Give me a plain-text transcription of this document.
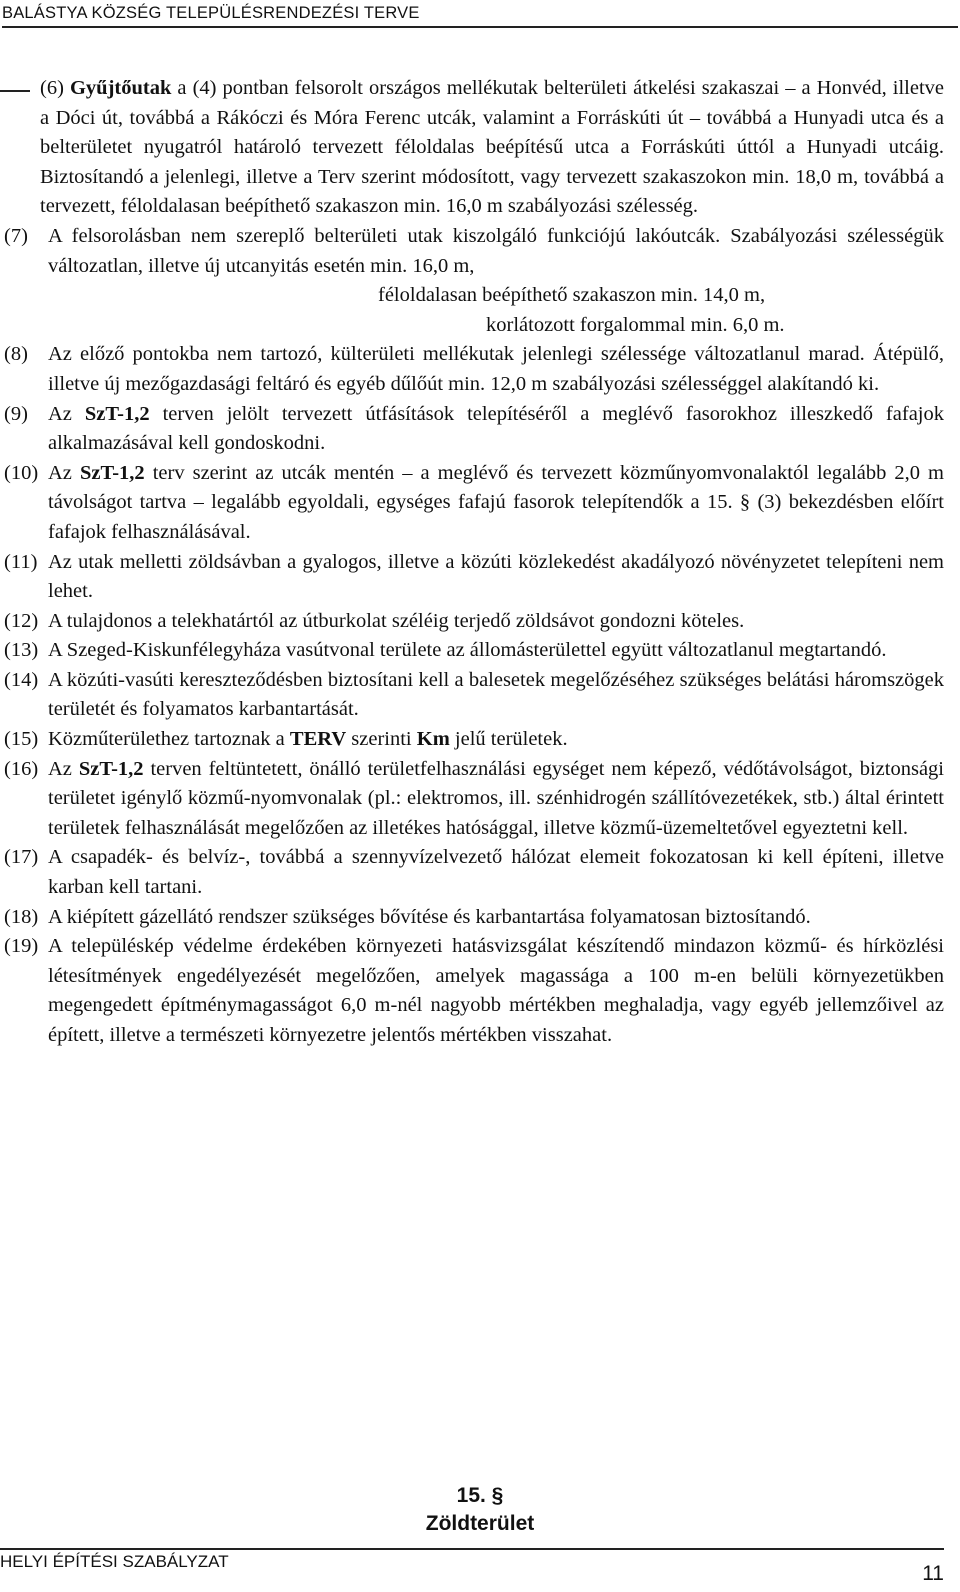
BALÁSTYA KÖZSÉG TELEPÜLÉSRENDEZÉSI TERVE
(6) Gyűjtőutak a (4) pontban felsorolt országos mellékutak belterületi átkelési szakaszai – a Honvéd, illetve a Dóci út, továbbá a Rákóczi és Móra Ferenc utcák, valamint a Forráskúti út – továbbá a Hunyadi utca és a belterületet nyugatról határoló tervezett féloldalas beépítésű utca a Forráskúti úttól a Hunyadi utcáig. Biztosítandó a jelenlegi, illetve a Terv szerint módosított, vagy tervezett szakaszokon min. 18,0 m, továbbá a tervezett, féloldalasan beépíthető szakaszon min. 16,0 m szabályozási szélesség.
(7) A felsorolásban nem szereplő belterületi utak kiszolgáló funkciójú lakóutcák. Szabályozási szélességük változatlan, illetve új utcanyitás esetén min. 16,0 m,
féloldalasan beépíthető szakaszon min. 14,0 m,
korlátozott forgalommal min. 6,0 m.
(8) Az előző pontokba nem tartozó, külterületi mellékutak jelenlegi szélessége változatlanul marad. Átépülő, illetve új mezőgazdasági feltáró és egyéb dűlőút min. 12,0 m szabályozási szélességgel alakítandó ki.
(9) Az SzT-1,2 terven jelölt tervezett útfásítások telepítéséről a meglévő fasorokhoz illeszkedő fafajok alkalmazásával kell gondoskodni.
(10) Az SzT-1,2 terv szerint az utcák mentén – a meglévő és tervezett közműnyomvonalaktól legalább 2,0 m távolságot tartva – legalább egyoldali, egységes fafajú fasorok telepítendők a 15. § (3) bekezdésben előírt fafajok felhasználásával.
(11) Az utak melletti zöldsávban a gyalogos, illetve a közúti közlekedést akadályozó növényzetet telepíteni nem lehet.
(12) A tulajdonos a telekhatártól az útburkolat széléig terjedő zöldsávot gondozni köteles.
(13) A Szeged-Kiskunfélegyháza vasútvonal területe az állomásterülettel együtt változatlanul megtartandó.
(14) A közúti-vasúti kereszteződésben biztosítani kell a balesetek megelőzéséhez szükséges belátási háromszögek területét és folyamatos karbantartását.
(15) Közműterülethez tartoznak a TERV szerinti Km jelű területek.
(16) Az SzT-1,2 terven feltüntetett, önálló területfelhasználási egységet nem képező, védőtávolságot, biztonsági területet igénylő közmű-nyomvonalak (pl.: elektromos, ill. szénhidrogén szállítóvezetékek, stb.) által érintett területek felhasználását megelőzően az illetékes hatósággal, illetve közmű-üzemeltetővel egyeztetni kell.
(17) A csapadék- és belvíz-, továbbá a szennyvízelvezető hálózat elemeit fokozatosan ki kell építeni, illetve karban kell tartani.
(18) A kiépített gázellátó rendszer szükséges bővítése és karbantartása folyamatosan biztosítandó.
(19) A településkép védelme érdekében környezeti hatásvizsgálat készítendő mindazon közmű- és hírközlési létesítmények engedélyezését megelőzően, amelyek magassága a 100 m-en belüli környezetükben megengedett építménymagasságot 6,0 m-nél nagyobb mértékben meghaladja, vagy egyéb jellemzőivel az épített, illetve a természeti környezetre jelentős mértékben visszahat.
15. §
Zöldterület
HELYI ÉPÍTÉSI SZABÁLYZAT
11
